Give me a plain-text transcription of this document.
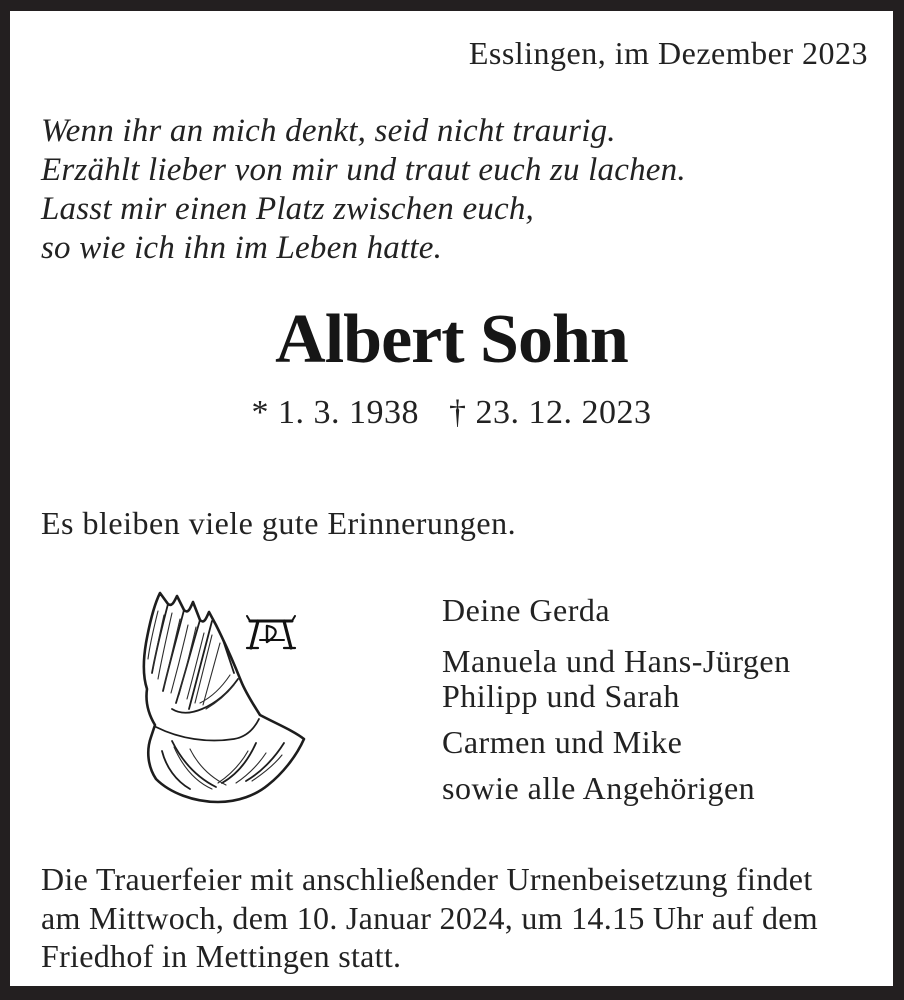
Esslingen, im Dezember 2023
Wenn ihr an mich denkt, seid nicht traurig.
Erzählt lieber von mir und traut euch zu lachen.
Lasst mir einen Platz zwischen euch,
so wie ich ihn im Leben hatte.
Albert Sohn
* 1. 3. 1938 † 23. 12. 2023
Es bleiben viele gute Erinnerungen.
Deine Gerda
Manuela und Hans-Jürgen
Philipp und Sarah
Carmen und Mike
sowie alle Angehörigen
Die Trauerfeier mit anschließender Urnenbeisetzung findet
am Mittwoch, dem 10. Januar 2024, um 14.15 Uhr auf dem
Friedhof in Mettingen statt.
